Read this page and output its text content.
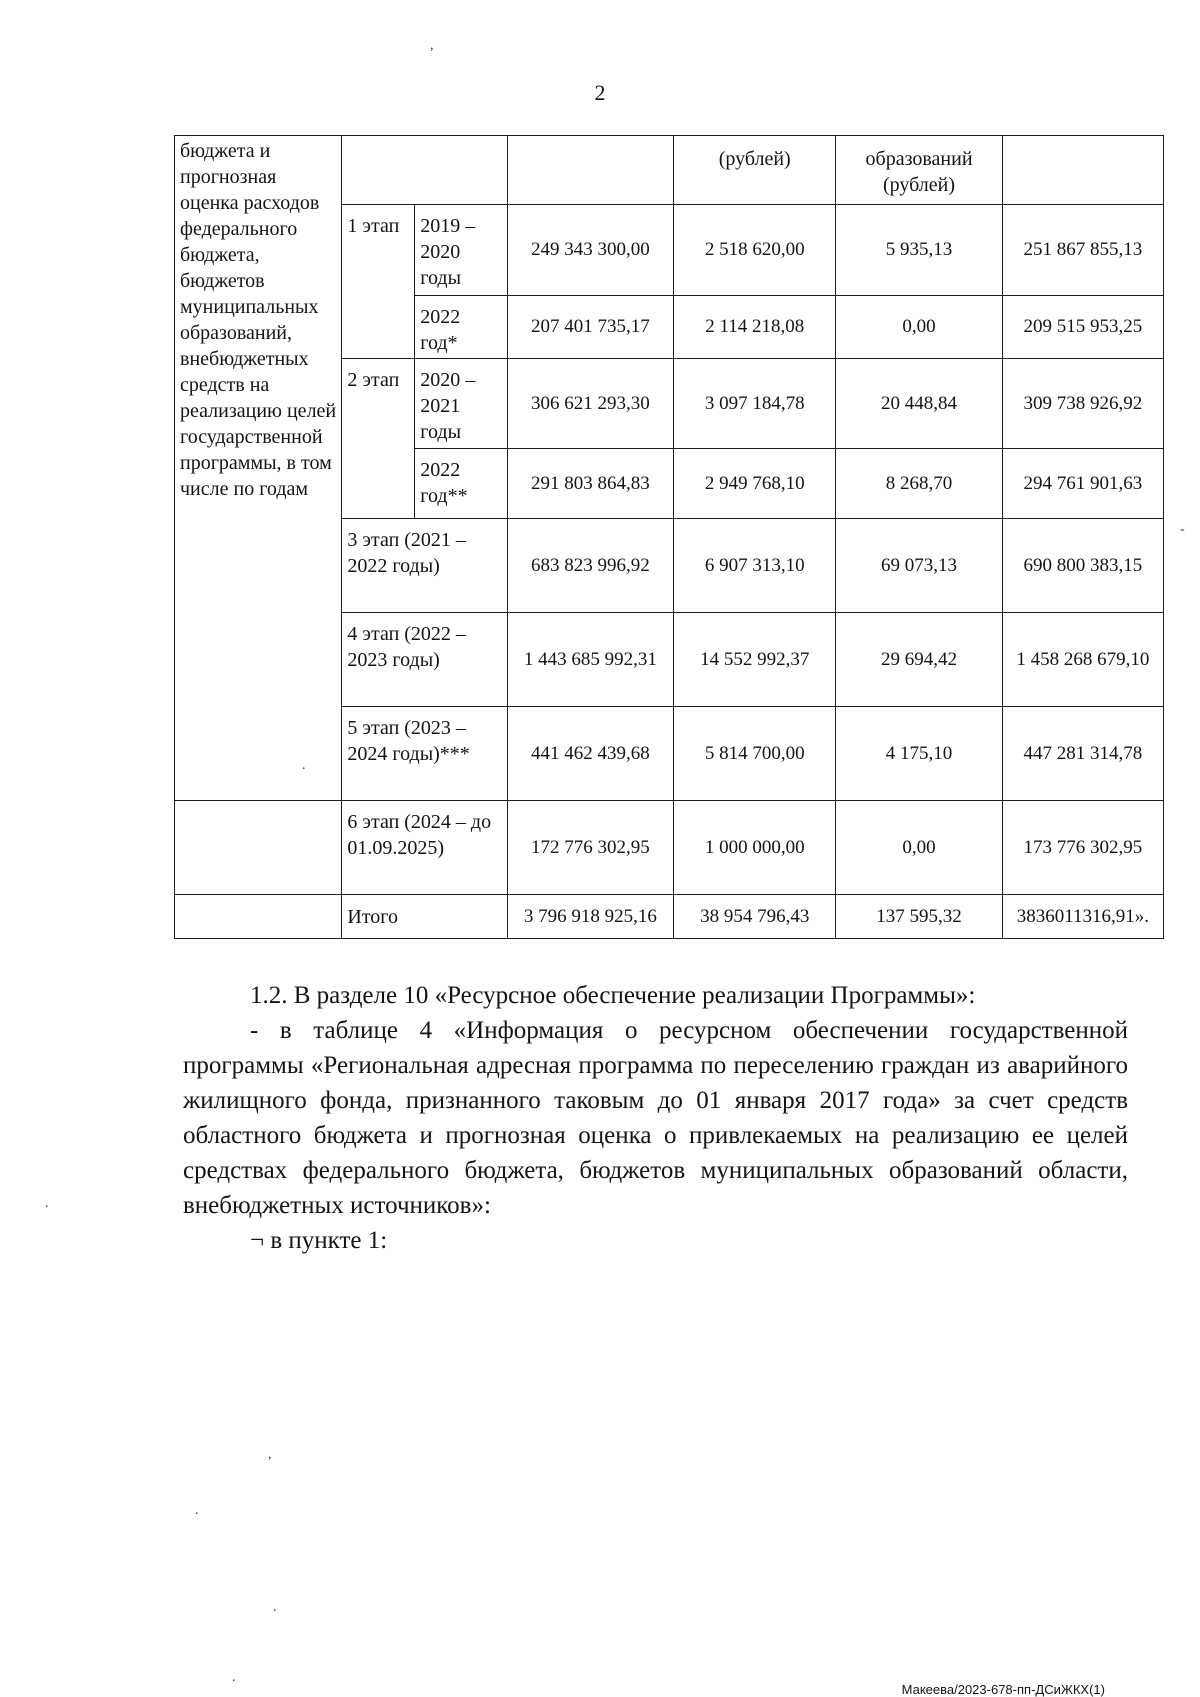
2
бюджета и прогнозная оценка расходов федерального бюджета, бюджетов муниципальных образований, внебюджетных средств на реализацию целей государственной программы, в том числе по годам				(рублей)	образований (рублей)	
	1 этап	2019 – 2020 годы	249 343 300,00	2 518 620,00	5 935,13	251 867 855,13
		2022 год*	207 401 735,17	2 114 218,08	0,00	209 515 953,25
	2 этап	2020 – 2021 годы	306 621 293,30	3 097 184,78	20 448,84	309 738 926,92
		2022 год**	291 803 864,83	2 949 768,10	8 268,70	294 761 901,63
	3 этап (2021 – 2022 годы)		683 823 996,92	6 907 313,10	69 073,13	690 800 383,15
	4 этап (2022 – 2023 годы)		1 443 685 992,31	14 552 992,37	29 694,42	1 458 268 679,10
	5 этап (2023 – 2024 годы)***		441 462 439,68	5 814 700,00	4 175,10	447 281 314,78
	6 этап (2024 – до 01.09.2025)		172 776 302,95	1 000 000,00	0,00	173 776 302,95
	Итого		3 796 918 925,16	38 954 796,43	137 595,32	3836011316,91».
1.2. В разделе 10 «Ресурсное обеспечение реализации Программы»:
- в таблице 4 «Информация о ресурсном обеспечении государственной программы «Региональная адресная программа по переселению граждан из аварийного жилищного фонда, признанного таковым до 01 января 2017 года» за счет средств областного бюджета и прогнозная оценка о привлекаемых на реализацию ее целей средствах федерального бюджета, бюджетов муниципальных образований области, внебюджетных источников»:
¬ в пункте 1:
Макеева/2023-678-пп-ДСиЖКХ(1)
,
.
-
.
,
.
.
.
